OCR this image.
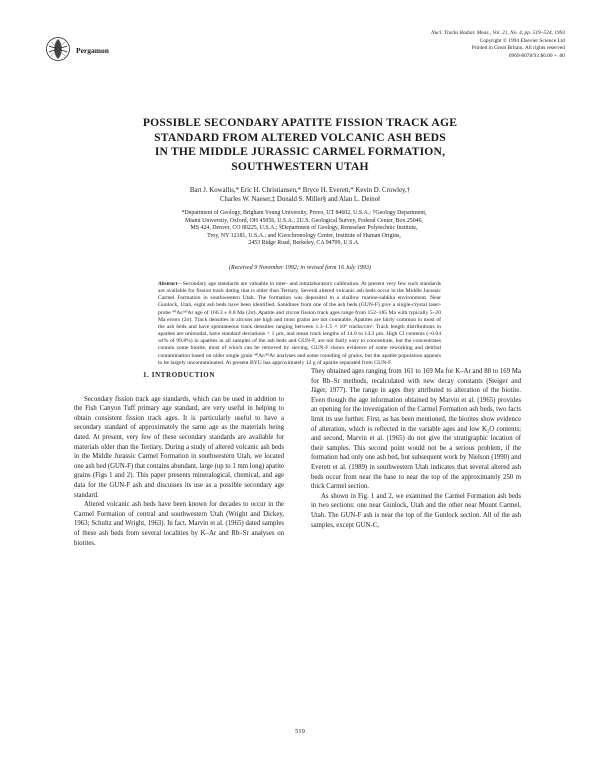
Pergamon
Nucl. Tracks Radiat. Meas., Vol. 21, No. 4, pp. 519–524, 1993
Copyright © 1994 Elsevier Science Ltd
Printed in Great Britain. All rights reserved
0969-8078/93 $6.00 + .00
POSSIBLE SECONDARY APATITE FISSION TRACK AGE
STANDARD FROM ALTERED VOLCANIC ASH BEDS
IN THE MIDDLE JURASSIC CARMEL FORMATION,
SOUTHWESTERN UTAH
Bart J. Kowallis,* Eric H. Christiansen,* Bryce H. Everett,* Kevin D. Crowley,†
Charles W. Naeser,‡ Donald S. Miller§ and Alan L. Deino‖
*Department of Geology, Brigham Young University, Provo, UT 84602, U.S.A.; †Geology Department,
Miami University, Oxford, OH 45056, U.S.A.; ‡U.S. Geological Survey, Federal Center, Box 25046,
MS 424, Denver, CO 80225, U.S.A.; §Department of Geology, Rensselaer Polytechnic Institute,
Troy, NY 12181, U.S.A.; and ‖Geochronology Center, Institute of Human Origins,
2453 Ridge Road, Berkeley, CA 94709, U.S.A.
(Received 9 November 1992; in revised form 16 July 1993)
Abstract—Secondary age standards are valuable in inter- and intralaboratory calibration. At present very few such standards are available for fission track dating that is older than Tertiary. Several altered volcanic ash beds occur in the Middle Jurassic Carmel Formation in southwestern Utah. The formation was deposited in a shallow marine-sabkha environment. Near Gunlock, Utah, eight ash beds have been identified. Sanidines from one of the ash beds (GUN-F) give a single-crystal laser-probe ⁴⁰Ar/³⁹Ar age of 166.3 ± 0.8 Ma (2σ). Apatite and zircon fission track ages range from 152–185 Ma with typically 5–20 Ma errors (2σ). Track densities in zircons are high and most grains are not countable. Apatites are fairly common in most of the ash beds and have spontaneous track densities ranging between 1.3–1.5 × 10⁶ tracks/cm². Track length distributions in apatites are unimodal, have standard deviations < 1 μm, and mean track lengths of 14.0 to 14.3 μm. High Cl contents (~0.04 wt% of 99.8%) in apatites in all samples of the ash beds and GUN-F, are not fairly easy to concentrate, but the concentrates contain some biotite, most of which can be removed by sieving. GUN-F shows evidence of some reworking and detrital contamination based on older single grain ⁴⁰Ar/³⁹Ar analyses and some rounding of grains, but the apatite population appears to be largely uncontaminated. At present BYU has approximately 12 g of apatite separated from GUN-F.
1. INTRODUCTION

Secondary fission track age standards, which can be used in addition to the Fish Canyon Tuff primary age standard, are very useful in helping to obtain consistent fission track ages. It is particularly useful to have a secondary standard of approximately the same age as the materials being dated. At present, very few of these secondary standards are available for materials older than the Tertiary. During a study of altered volcanic ash beds in the Middle Jurassic Carmel Formation in southwestern Utah, we located one ash bed (GUN-F) that contains abundant, large (up to 1 mm long) apatite grains (Figs 1 and 2). This paper presents mineralogical, chemical, and age data for the GUN-F ash and discusses its use as a possible secondary age standard.

Altered volcanic ash beds have been known for decades to occur in the Carmel Formation of central and southwestern Utah (Wright and Dickey, 1963; Schultz and Wright, 1963). In fact, Marvin et al. (1965) dated samples of these ash beds from several localities by K–Ar and Rb–Sr analyses on biotites.

They obtained ages ranging from 161 to 169 Ma for K–Ar and 88 to 169 Ma for Rb–Sr methods, recalculated with new decay constants (Steiger and Jäger, 1977). The range in ages they attributed to alteration of the biotite. Even though the age information obtained by Marvin et al. (1965) provides an opening for the investigation of the Carmel Formation ash beds, two facts limit its use further. First, as has been mentioned, the biotites show evidence of alteration, which is reflected in the variable ages and low K₂O contents; and second, Marvin et al. (1965) do not give the stratigraphic location of their samples. This second point would not be a serious problem, if the formation had only one ash bed, but subsequent work by Nielson (1990) and Everett et al. (1989) in southwestern Utah indicates that several altered ash beds occur from near the base to near the top of the approximately 250 m thick Carmel section.

As shown in Fig. 1 and 2, we examined the Carmel Formation ash beds in two sections: one near Gunlock, Utah and the other near Mount Carmel, Utah. The GUN-F ash is near the top of the Gunlock section. All of the ash samples, except GUN-C,

519
